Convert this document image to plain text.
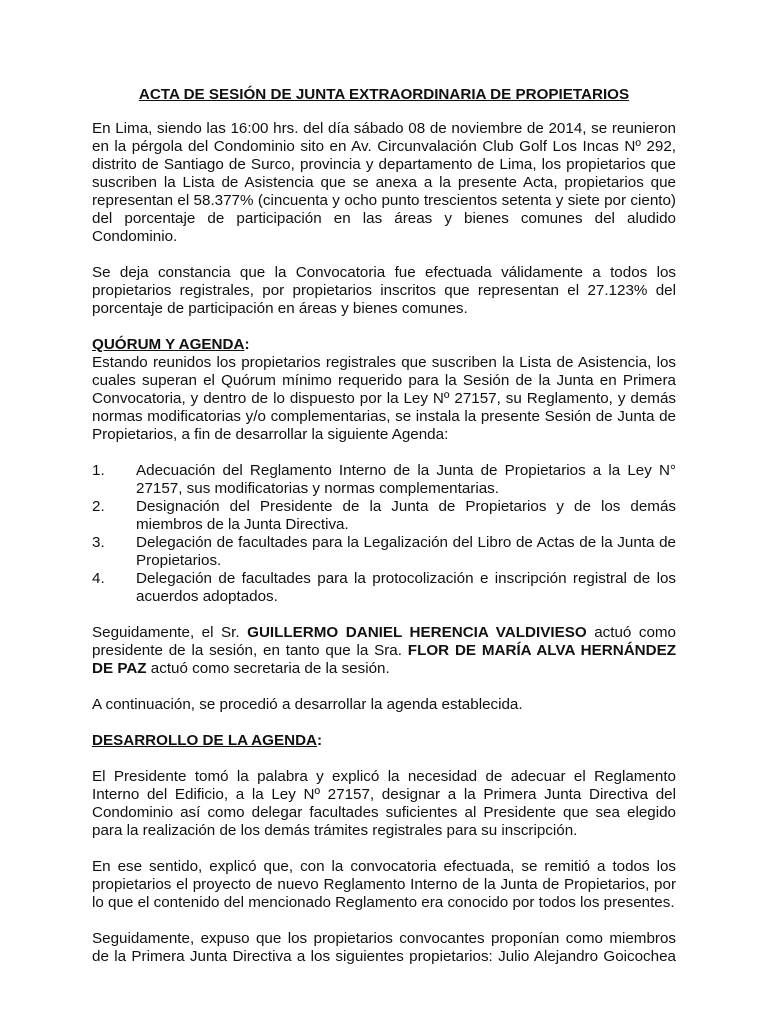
ACTA DE SESIÓN DE JUNTA EXTRAORDINARIA DE PROPIETARIOS

En Lima, siendo las 16:00 hrs. del día sábado 08 de noviembre de 2014, se reunieron en la pérgola del Condominio sito en Av. Circunvalación Club Golf Los Incas Nº 292, distrito de Santiago de Surco, provincia y departamento de Lima, los propietarios que suscriben la Lista de Asistencia que se anexa a la presente Acta, propietarios que representan el 58.377% (cincuenta y ocho punto trescientos setenta y siete por ciento) del porcentaje de participación en las áreas y bienes comunes del aludido Condominio.

Se deja constancia que la Convocatoria fue efectuada válidamente a todos los propietarios registrales, por propietarios inscritos que representan el 27.123% del porcentaje de participación en áreas y bienes comunes.

QUÓRUM Y AGENDA:

Estando reunidos los propietarios registrales que suscriben la Lista de Asistencia, los cuales superan el Quórum mínimo requerido para la Sesión de la Junta en Primera Convocatoria, y dentro de lo dispuesto por la Ley Nº 27157, su Reglamento, y demás normas modificatorias y/o complementarias, se instala la presente Sesión de Junta de Propietarios, a fin de desarrollar la siguiente Agenda:

1.	Adecuación del Reglamento Interno de la Junta de Propietarios a la Ley N° 27157, sus modificatorias y normas complementarias.
2.	Designación del Presidente de la Junta de Propietarios y de los demás miembros de la Junta Directiva.
3.	Delegación de facultades para la Legalización del Libro de Actas de la Junta de Propietarios.
4.	Delegación de facultades para la protocolización e inscripción registral de los acuerdos adoptados.

Seguidamente, el Sr. GUILLERMO DANIEL HERENCIA VALDIVIESO actuó como presidente de la sesión, en tanto que la Sra. FLOR DE MARÍA ALVA HERNÁNDEZ DE PAZ actuó como secretaria de la sesión.

A continuación, se procedió a desarrollar la agenda establecida.

DESARROLLO DE LA AGENDA:

El Presidente tomó la palabra y explicó la necesidad de adecuar el Reglamento Interno del Edificio, a la Ley Nº 27157, designar a la Primera Junta Directiva del Condominio así como delegar facultades suficientes al Presidente que sea elegido para la realización de los demás trámites registrales para su inscripción.

En ese sentido, explicó que, con la convocatoria efectuada, se remitió a todos los propietarios el proyecto de nuevo Reglamento Interno de la Junta de Propietarios, por lo que el contenido del mencionado Reglamento era conocido por todos los presentes.

Seguidamente, expuso que los propietarios convocantes proponían como miembros de la Primera Junta Directiva a los siguientes propietarios: Julio Alejandro Goicochea
